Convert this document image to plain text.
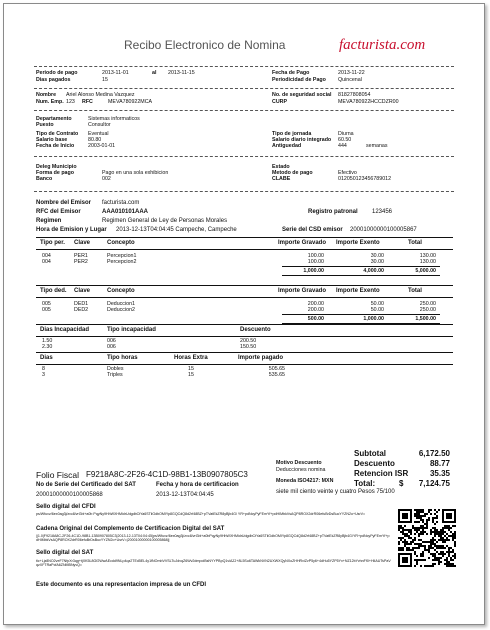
Recibo Electronico de Nomina	facturista.com
Periodo de pago	2013-11-01	al 2013-11-15
Dias pagados	15
Fecha de Pago	2013-11-22
Periodicidad de Pago Quincenal
Nombre Ariel Alonso Medina Vazquez
Num. Emp. 123 RFC	MEVA780922MCA
No. de seguridad social 81827808054
CURP	MEVA780922HCCDZR00
Departamento	Sistemas informaticos
Puesto	Consultor
Tipo de Contrato Eventual
Salario base	80.80
Fecha de Inicio	2003-01-01
Tipo de jornada	Diurna
Salario diario integrado 60.50
Antiguedad	444	semanas
Deleg Municipio
Forma de pago	Pago en una sola exhibicion
Banco	002
Estado
Metodo de pago	Efectivo
CLABE	012050123456789012
Nombre del Emisor facturista.com
RFC del Emisor	AAA010101AAA	Registro patronal 123456
Regimen	Regimen General de Ley de Personas Morales
Hora de Emision y Lugar 2013-12-13T04:04:45 Campeche, Campeche	Serie del CSD emisor 20001000000100005867
Tipo per. Clave	Concepto	Importe Gravado Importe Exento	Total
004	PER1	Percepcion1	100.00	30.00	130.00
004	PER2	Percepcion2	100.00	30.00	130.00
1,000.00	4,000.00	5,000.00
Tipo ded. Clave	Concepto	Importe Gravado Importe Exento	Total
005	DED1	Deduccion1	200.00	50.00	250.00
005	DED2	Deduccion2	200.00	50.00	250.00
500.00	1,000.00	1,500.00
Dias Incapacidad	Tipo incapacidad	Descuento
1.50	006	200.50
2.30	006	150.50
Dias	Tipo horas	Horas Extra	Importe pagado
8	Dobles	15	505.65
3	Triples	15	535.65
Subtotal	6,172.50
Descuento	88.77
Retencion ISR	35.35
Total:	$	7,124.75
Folio Fiscal F9218A8C-2F26-4C1D-98B1-13B0907805C3
No de Serie del Certificado del SAT
20001000000100005868
Fecha y hora de certificacion
2013-12-13T04:04:45
Motivo Descuento
Deducciones nomina
Moneda ISO4217: MXN
siete mil ciento veinte y cuatro Pesos 75/100
Sello digital del CFDI
ps/Wfuvz/6ex0ag3j/zvc8/vrGbl+a0b PqyNy9HhWXHMidrUdgdbCtYa6STiiGdbOMIYp8GQCdQ8d2rf48BZ+pTVatEkZR8yBjb4G/ YR+pdNcyPyFEmYf+pdHIMbkVsAQP8ROX2drR06efuBrDsBucYYZN2o+UsrV=
Cadena Original del Complemento de Certificacion Digital del SAT
||1.0|F9218A8C-2F26-4C1D-98B1-13B0907805C3|2013-12-13T04:04:45|ps/Wfuvz/6ex0ag3j/zvc8/vrGbl+a0bPqyNy9HhWXHMidrUdgdbCtYa6STiiGdbOMIYp8GQCdQ8d2rf48BZ+pTVatEkZR8yBjb4G/YR+pdNcyPyFEmYf+pdHIMbkVsAQP8ROX2drR06efuBrDsBucYYZN2o+UsrV=|20001000000100005868||
Sello digital del SAT
tic+Ljz8NO2veF7NfpXr3qg+tjXK5L8Gf2WwAEcdd9NLp4qz2TEd5EL4y1fNOmbVVSLTuJdvqZ6Wv2dmpoiBsNYYPBpQ1viAZJ+8L5Su6TAWkNVN2UXWXQyNXoZHHRviZvP5y6+4dHu5YZP5Yx+NZ12bYvhnFf0+HIiAUTsPaVqzXFTRaPcfA6ZNMBNyvQ=
Este documento es una representacion impresa de un CFDI
